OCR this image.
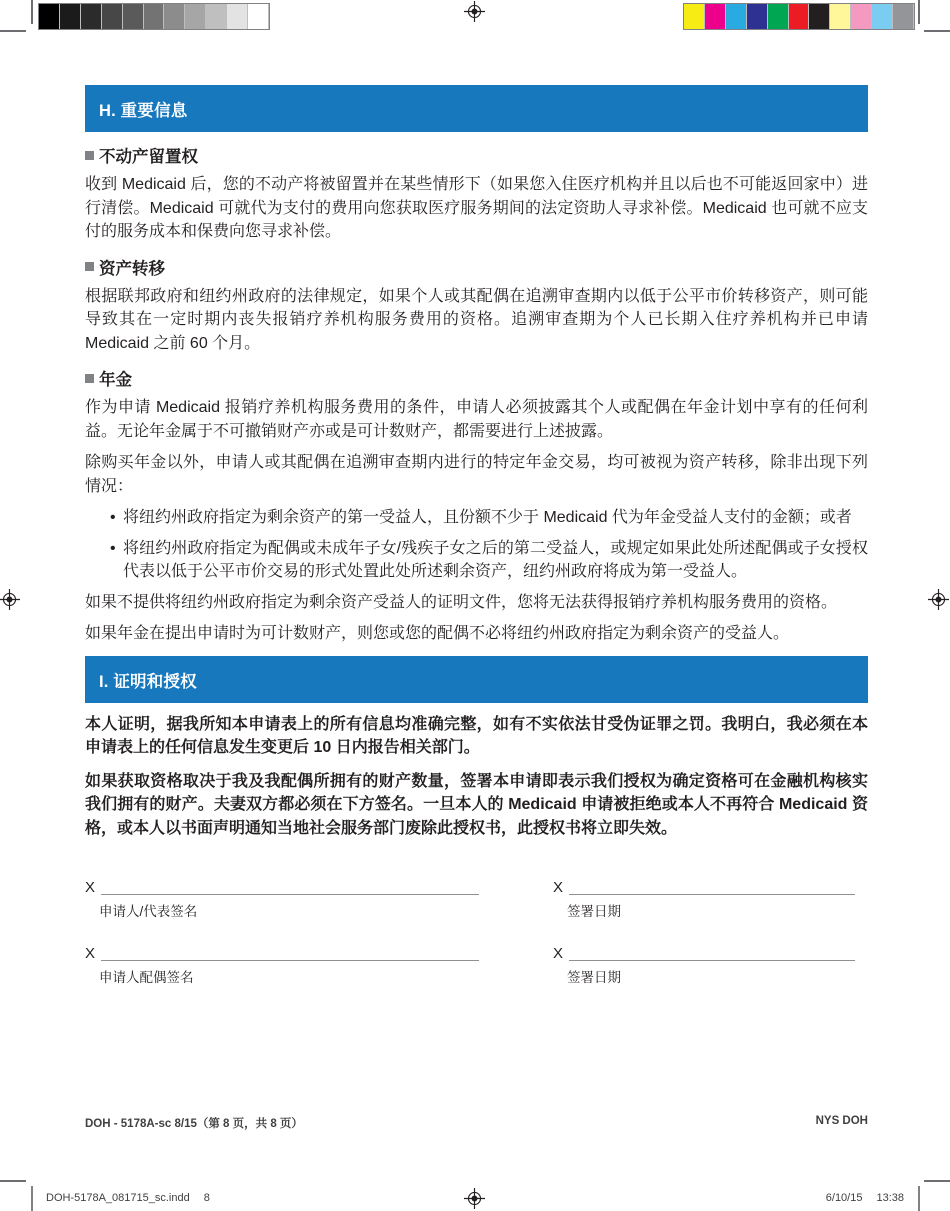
H. 重要信息
不动产留置权

收到 Medicaid 后，您的不动产将被留置并在某些情形下（如果您入住医疗机构并且以后也不可能返回家中）进行清偿。Medicaid 可就代为支付的费用向您获取医疗服务期间的法定资助人寻求补偿。Medicaid 也可就不应支付的服务成本和保费向您寻求补偿。

资产转移

根据联邦政府和纽约州政府的法律规定，如果个人或其配偶在追溯审查期内以低于公平市价转移资产，则可能导致其在一定时期内丧失报销疗养机构服务费用的资格。追溯审查期为个人已长期入住疗养机构并已申请 Medicaid 之前 60 个月。

年金

作为申请 Medicaid 报销疗养机构服务费用的条件，申请人必须披露其个人或配偶在年金计划中享有的任何利益。无论年金属于不可撤销财产亦或是可计数财产，都需要进行上述披露。

除购买年金以外，申请人或其配偶在追溯审查期内进行的特定年金交易，均可被视为资产转移，除非出现下列情况：

• 将纽约州政府指定为剩余资产的第一受益人，且份额不少于 Medicaid 代为年金受益人支付的金额；或者
• 将纽约州政府指定为配偶或未成年子女/残疾子女之后的第二受益人，或规定如果此处所述配偶或子女授权代表以低于公平市价交易的形式处置此处所述剩余资产，纽约州政府将成为第一受益人。

如果不提供将纽约州政府指定为剩余资产受益人的证明文件，您将无法获得报销疗养机构服务费用的资格。

如果年金在提出申请时为可计数财产，则您或您的配偶不必将纽约州政府指定为剩余资产的受益人。

I. 证明和授权

本人证明，据我所知本申请表上的所有信息均准确完整，如有不实依法甘受伪证罪之罚。我明白，我必须在本申请表上的任何信息发生变更后 10 日内报告相关部门。

如果获取资格取决于我及我配偶所拥有的财产数量，签署本申请即表示我们授权为确定资格可在金融机构核实我们拥有的财产。夫妻双方都必须在下方签名。一旦本人的 Medicaid 申请被拒绝或本人不再符合 Medicaid 资格，或本人以书面声明通知当地社会服务部门废除此授权书，此授权书将立即失效。

X
申请人/代表签名
X
签署日期
X
申请人配偶签名
X
签署日期
DOH - 5178A-sc 8/15（第 8 页，共 8 页）	NYS DOH
DOH-5178A_081715_sc.indd 8	6/10/15 13:38
